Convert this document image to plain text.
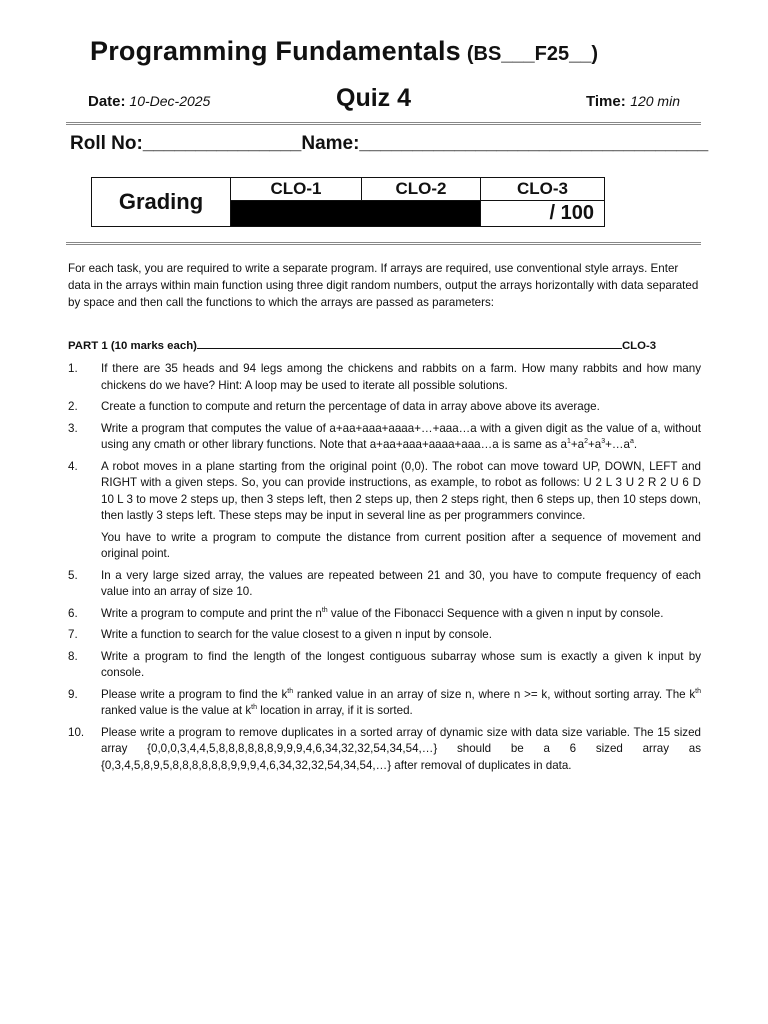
Programming Fundamentals (BS___F25__)
Date: 10-Dec-2025	Quiz 4	Time: 120 min
Roll No:_______________Name:_________________________________
Grading	CLO-1	CLO-2	CLO-3
			/ 100
For each task, you are required to write a separate program. If arrays are required, use conventional style arrays. Enter data in the arrays within main function using three digit random numbers, output the arrays horizontally with data separated by space and then call the functions to which the arrays are passed as parameters:
PART 1 (10 marks each)	CLO-3
1. If there are 35 heads and 94 legs among the chickens and rabbits on a farm. How many rabbits and how many chickens do we have? Hint: A loop may be used to iterate all possible solutions.

2. Create a function to compute and return the percentage of data in array above above its average.

3. Write a program that computes the value of a+aa+aaa+aaaa+…+aaa…a with a given digit as the value of a, without using any cmath or other library functions. Note that a+aa+aaa+aaaa+aaa…a is same as $a^1+a^2+a^3+\dots a^a$.

4. A robot moves in a plane starting from the original point (0,0). The robot can move toward UP, DOWN, LEFT and RIGHT with a given steps. So, you can provide instructions, as example, to robot as follows: U 2 L 3 U 2 R 2 U 6 D 10 L 3 to move 2 steps up, then 3 steps left, then 2 steps up, then 2 steps right, then 6 steps up, then 10 steps down, then lastly 3 steps left. These steps may be input in several line as per programmers convince.

You have to write a program to compute the distance from current position after a sequence of movement and original point.

5. In a very large sized array, the values are repeated between 21 and 30, you have to compute frequency of each value into an array of size 10.

6. Write a program to compute and print the $n^{th}$ value of the Fibonacci Sequence with a given n input by console.

7. Write a function to search for the value closest to a given n input by console.

8. Write a program to find the length of the longest contiguous subarray whose sum is exactly a given k input by console.

9. Please write a program to find the $k^{th}$ ranked value in an array of size n, where n >= k, without sorting array. The $k^{th}$ ranked value is the value at $k^{th}$ location in array, if it is sorted.

10. Please write a program to remove duplicates in a sorted array of dynamic size with data size variable. The 15 sized array {0,0,0,3,4,4,5,8,8,8,8,8,8,9,9,9,4,6,34,32,32,54,34,54,…} should be a 6 sized array as {0,3,4,5,8,9,5,8,8,8,8,8,8,9,9,9,4,6,34,32,32,54,34,54,…} after removal of duplicates in data.
